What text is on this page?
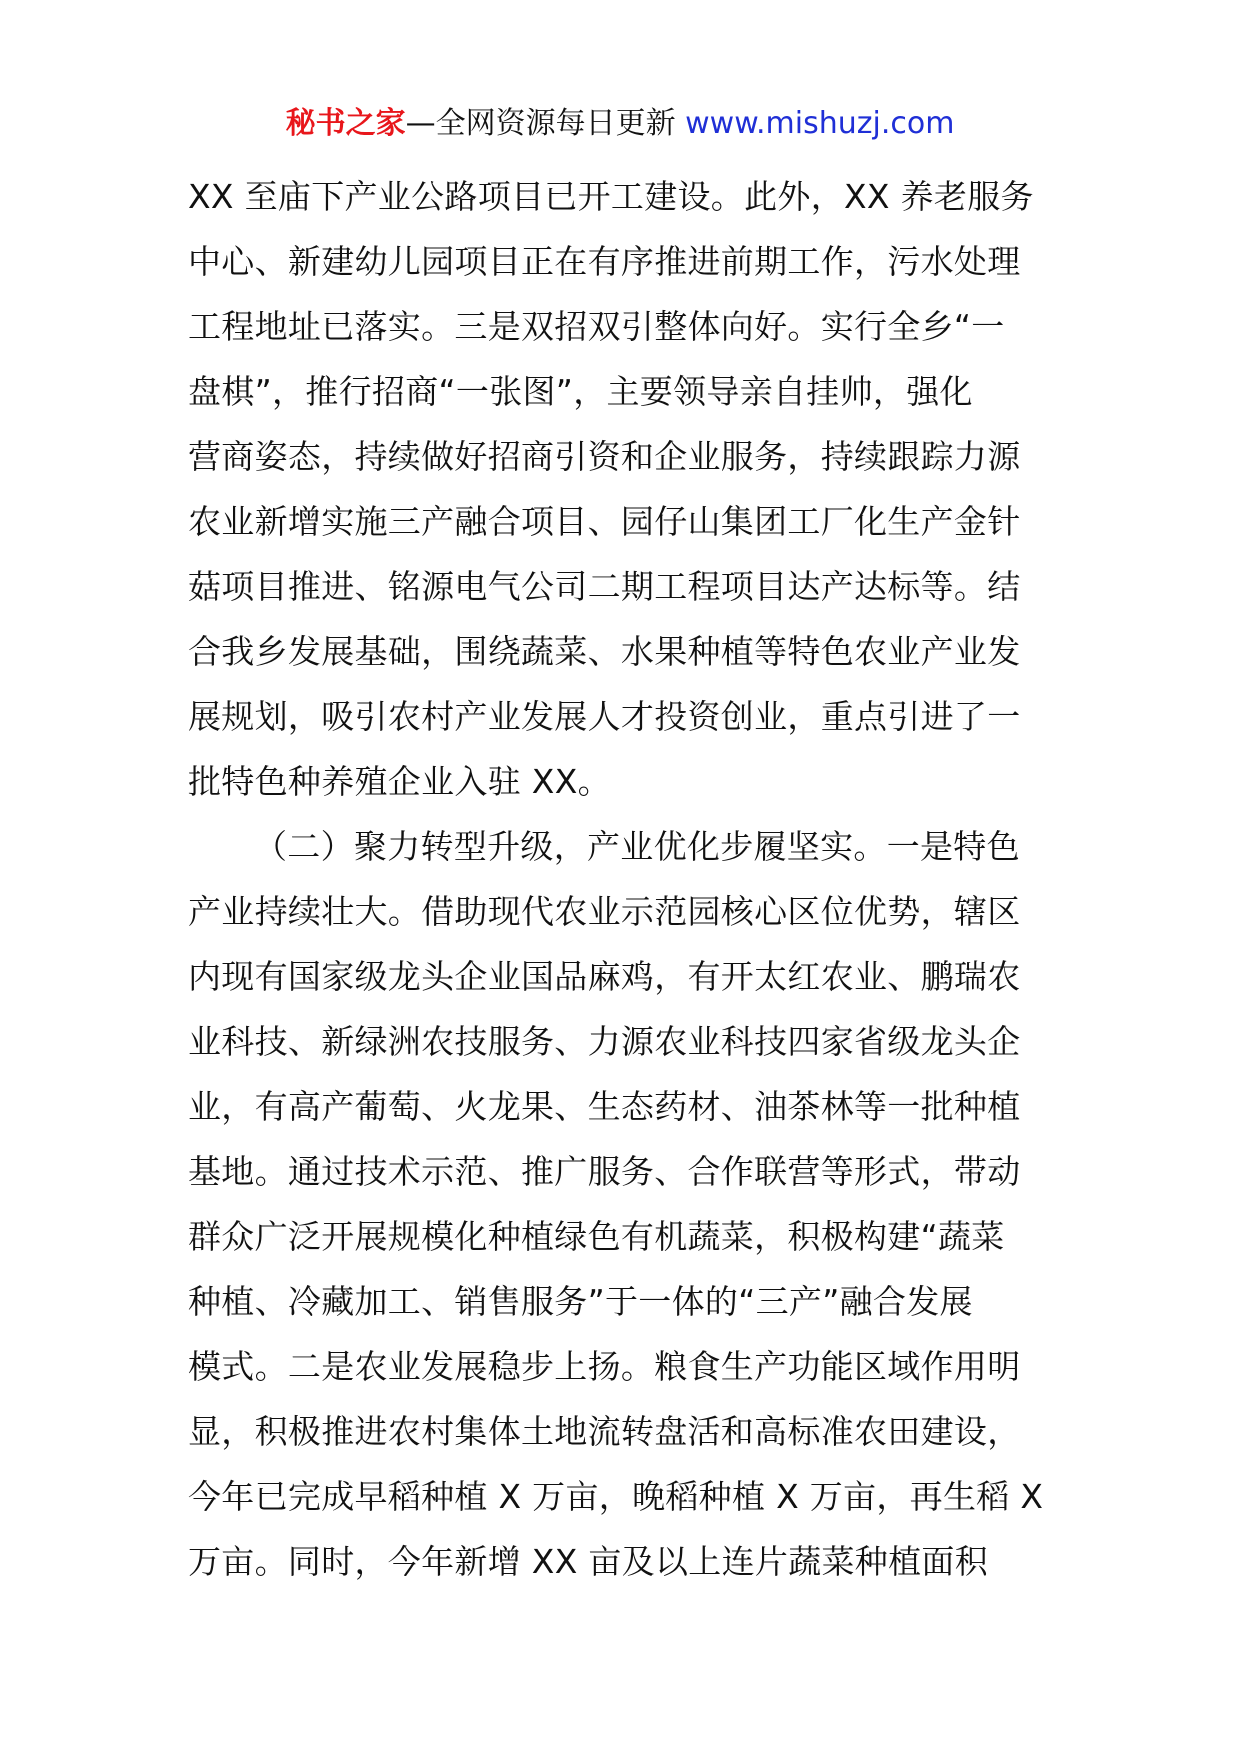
秘书之家—全网资源每日更新 www.mishuzj.com
XX 至庙下产业公路项目已开工建设。此外，XX 养老服务
中心、新建幼儿园项目正在有序推进前期工作，污水处理
工程地址已落实。三是双招双引整体向好。实行全乡“一
盘棋”，推行招商“一张图”，主要领导亲自挂帅，强化
营商姿态，持续做好招商引资和企业服务，持续跟踪力源
农业新增实施三产融合项目、园仔山集团工厂化生产金针
菇项目推进、铭源电气公司二期工程项目达产达标等。结
合我乡发展基础，围绕蔬菜、水果种植等特色农业产业发
展规划，吸引农村产业发展人才投资创业，重点引进了一
批特色种养殖企业入驻 XX。
（二）聚力转型升级，产业优化步履坚实。一是特色
产业持续壮大。借助现代农业示范园核心区位优势，辖区
内现有国家级龙头企业国品麻鸡，有开太红农业、鹏瑞农
业科技、新绿洲农技服务、力源农业科技四家省级龙头企
业，有高产葡萄、火龙果、生态药材、油茶林等一批种植
基地。通过技术示范、推广服务、合作联营等形式，带动
群众广泛开展规模化种植绿色有机蔬菜，积极构建“蔬菜
种植、冷藏加工、销售服务”于一体的“三产”融合发展
模式。二是农业发展稳步上扬。粮食生产功能区域作用明
显，积极推进农村集体土地流转盘活和高标准农田建设，
今年已完成早稻种植 X 万亩，晚稻种植 X 万亩，再生稻 X
万亩。同时，今年新增 XX 亩及以上连片蔬菜种植面积
